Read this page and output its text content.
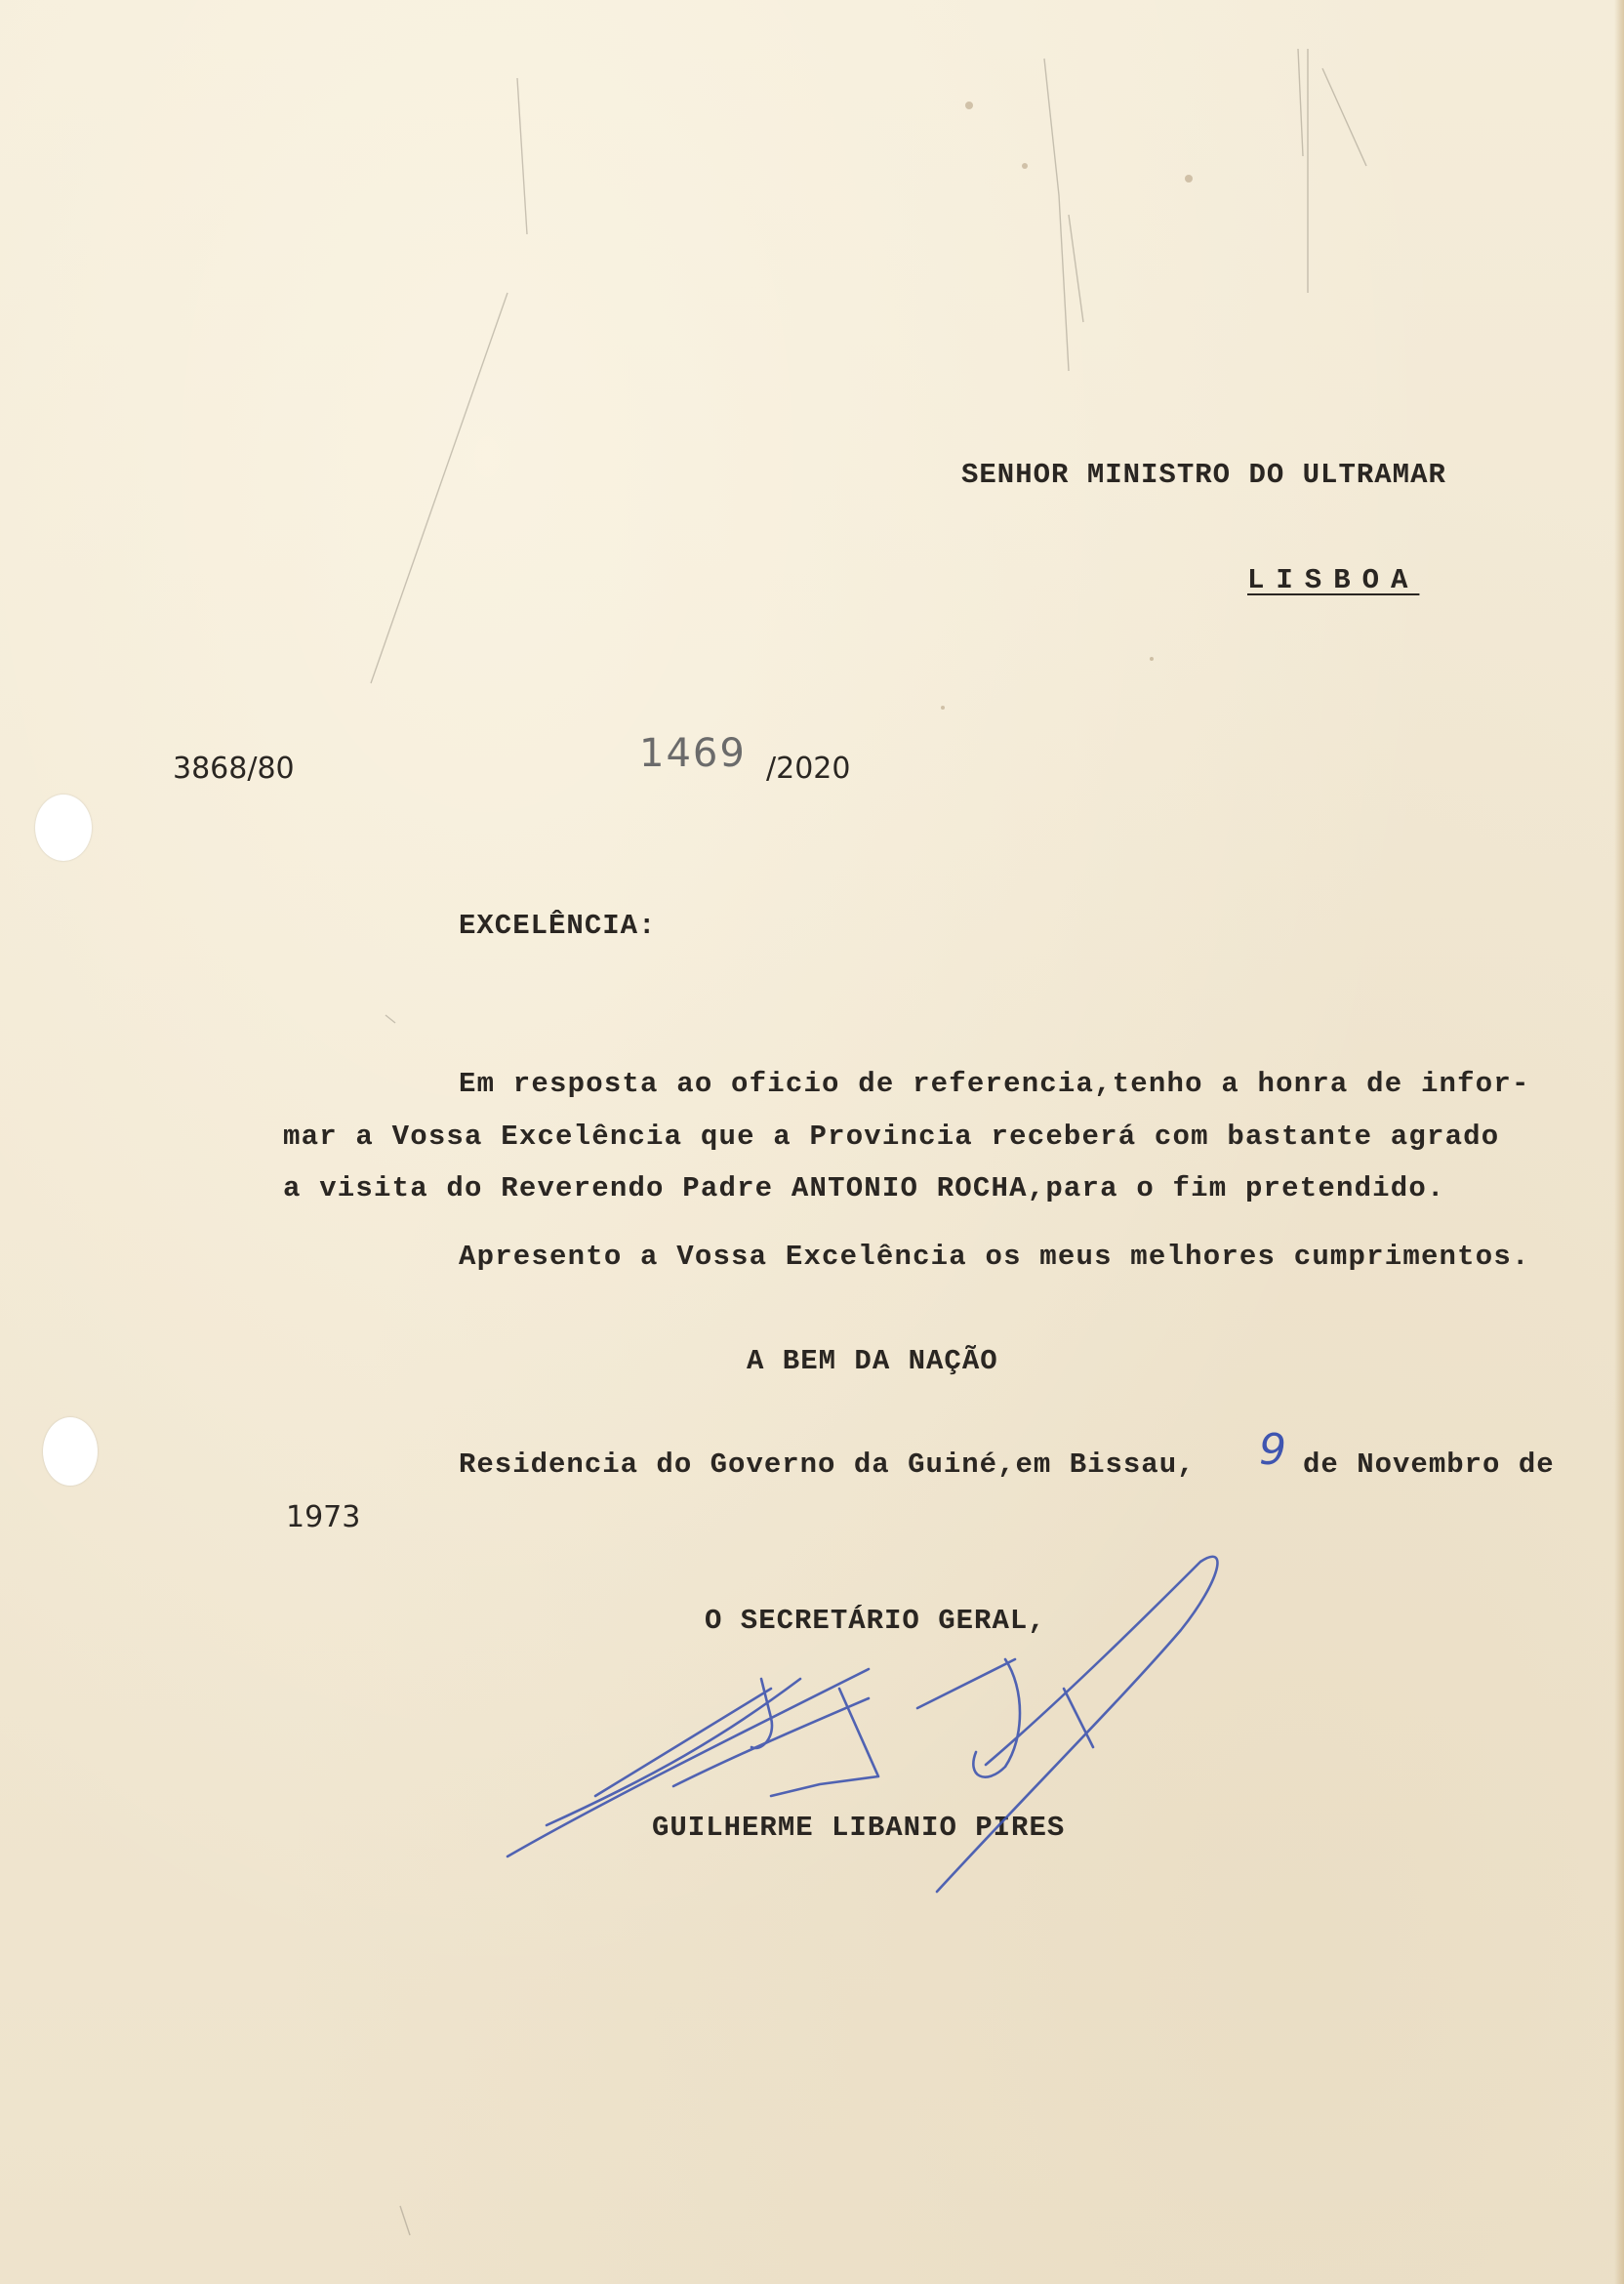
SENHOR MINISTRO DO ULTRAMAR
LISBOA
3868/80	1469 /2020
EXCELÊNCIA:
Em resposta ao oficio de referencia,tenho a honra de infor-
mar a Vossa Excelência que a Provincia receberá com bastante agrado
a visita do Reverendo Padre ANTONIO ROCHA,para o fim pretendido.
Apresento a Vossa Excelência os meus melhores cumprimentos.
A BEM DA NAÇÃO
Residencia do Governo da Guiné,em Bissau, 9 de Novembro de
1973
O SECRETÁRIO GERAL,
GUILHERME LIBANIO PIRES
